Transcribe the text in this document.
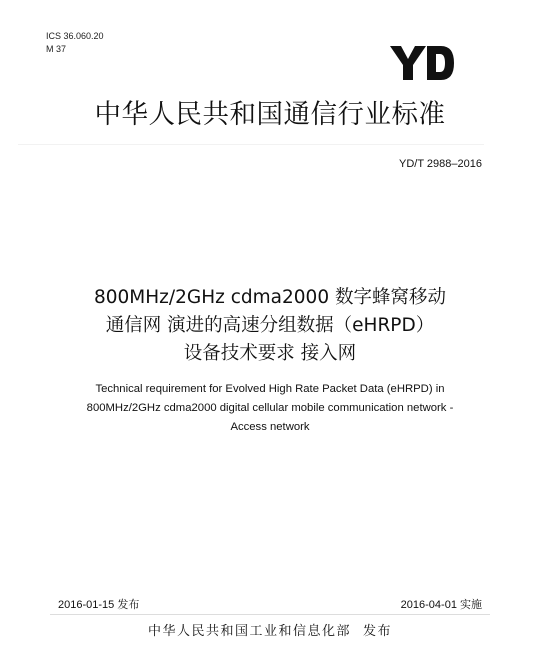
ICS 36.060.20
M 37
中华人民共和国通信行业标准
YD/T 2988–2016
800MHz/2GHz cdma2000 数字蜂窝移动
通信网 演进的高速分组数据（eHRPD）
设备技术要求 接入网
Technical requirement for Evolved High Rate Packet Data (eHRPD) in
800MHz/2GHz cdma2000 digital cellular mobile communication network -
Access network
2016-01-15 发布	2016-04-01 实施
中华人民共和国工业和信息化部 发布
